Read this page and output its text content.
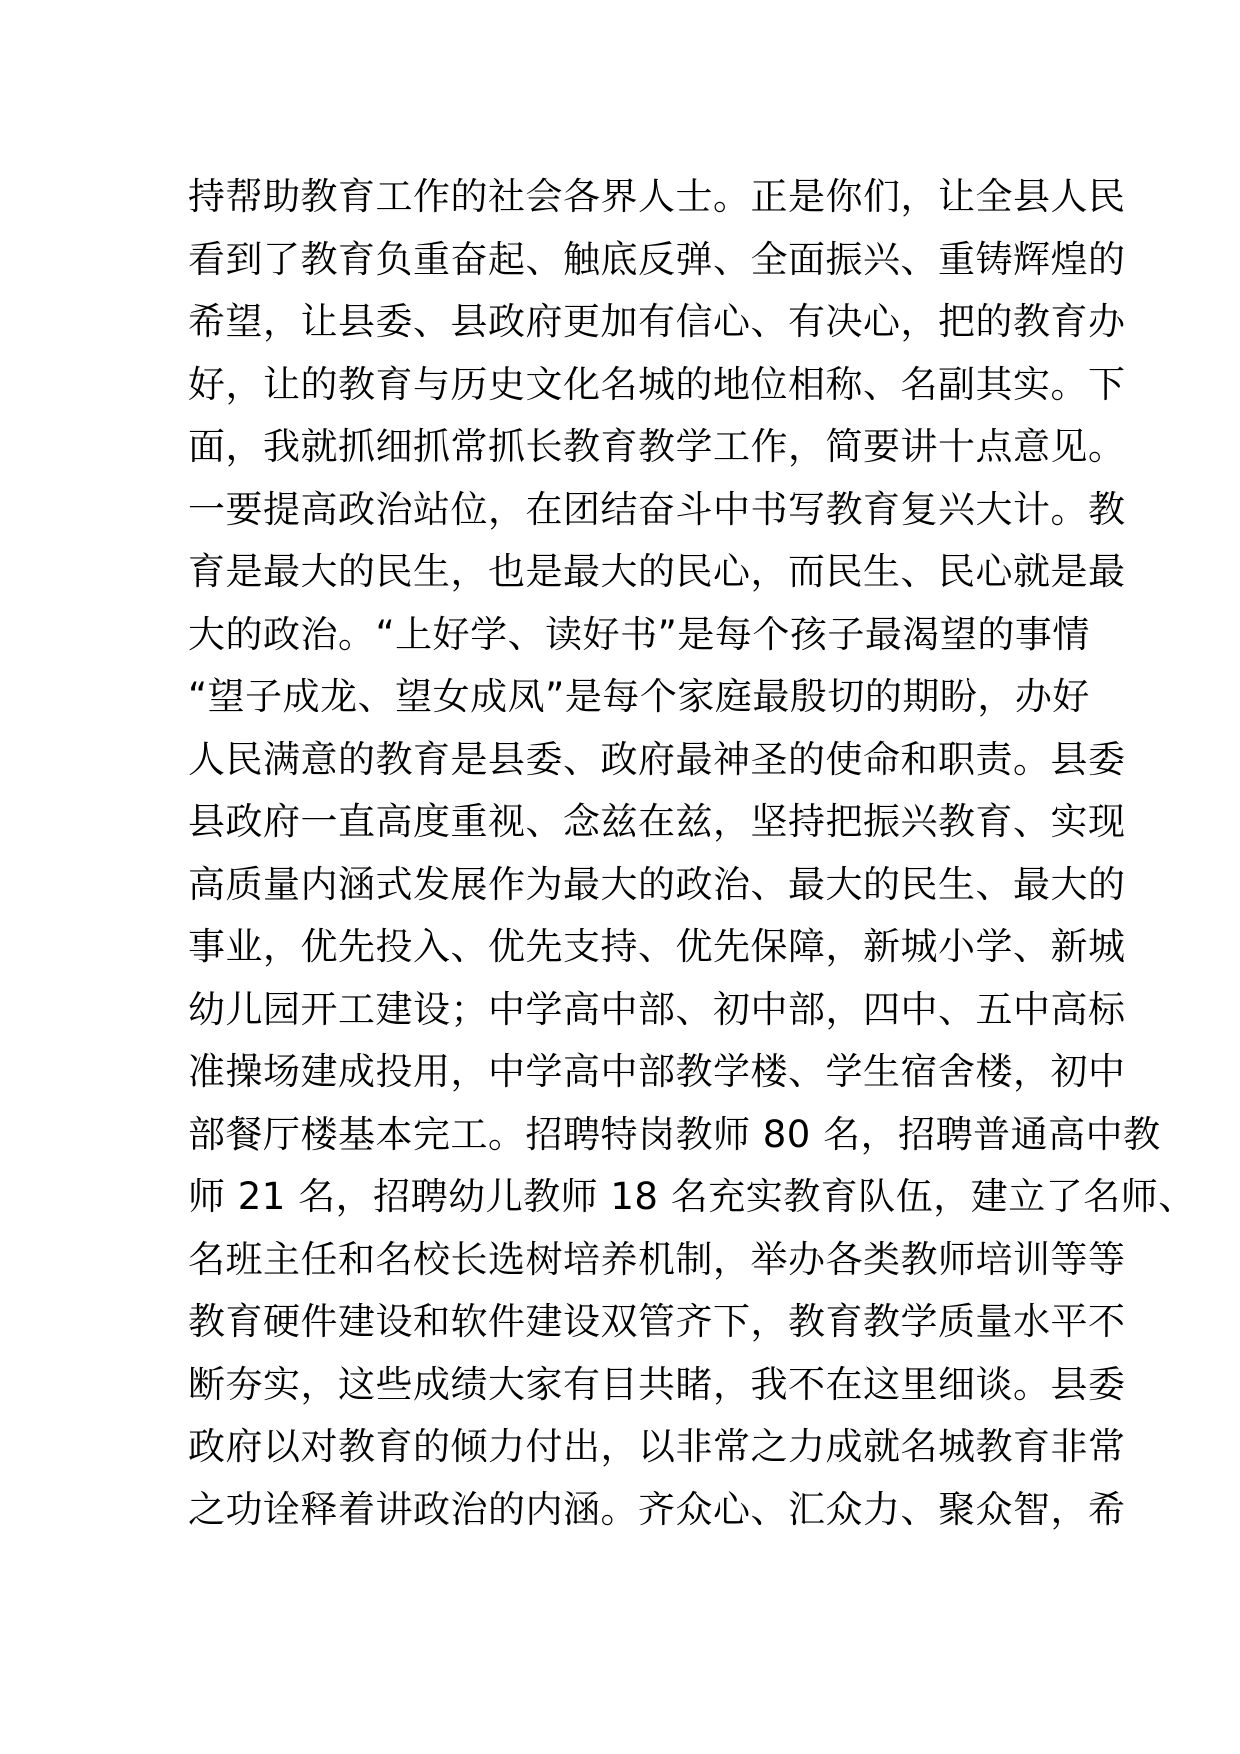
持帮助教育工作的社会各界人士。正是你们，让全县人民
看到了教育负重奋起、触底反弹、全面振兴、重铸辉煌的
希望，让县委、县政府更加有信心、有决心，把的教育办
好，让的教育与历史文化名城的地位相称、名副其实。下
面，我就抓细抓常抓长教育教学工作，简要讲十点意见。
一要提高政治站位，在团结奋斗中书写教育复兴大计。教
育是最大的民生，也是最大的民心，而民生、民心就是最
大的政治。“上好学、读好书”是每个孩子最渴望的事情
“望子成龙、望女成凤”是每个家庭最殷切的期盼，办好
人民满意的教育是县委、政府最神圣的使命和职责。县委
县政府一直高度重视、念兹在兹，坚持把振兴教育、实现
高质量内涵式发展作为最大的政治、最大的民生、最大的
事业，优先投入、优先支持、优先保障，新城小学、新城
幼儿园开工建设；中学高中部、初中部，四中、五中高标
准操场建成投用，中学高中部教学楼、学生宿舍楼，初中
部餐厅楼基本完工。招聘特岗教师 80 名，招聘普通高中教
师 21 名，招聘幼儿教师 18 名充实教育队伍，建立了名师、
名班主任和名校长选树培养机制，举办各类教师培训等等
教育硬件建设和软件建设双管齐下，教育教学质量水平不
断夯实，这些成绩大家有目共睹，我不在这里细谈。县委
政府以对教育的倾力付出，以非常之力成就名城教育非常
之功诠释着讲政治的内涵。齐众心、汇众力、聚众智，希
